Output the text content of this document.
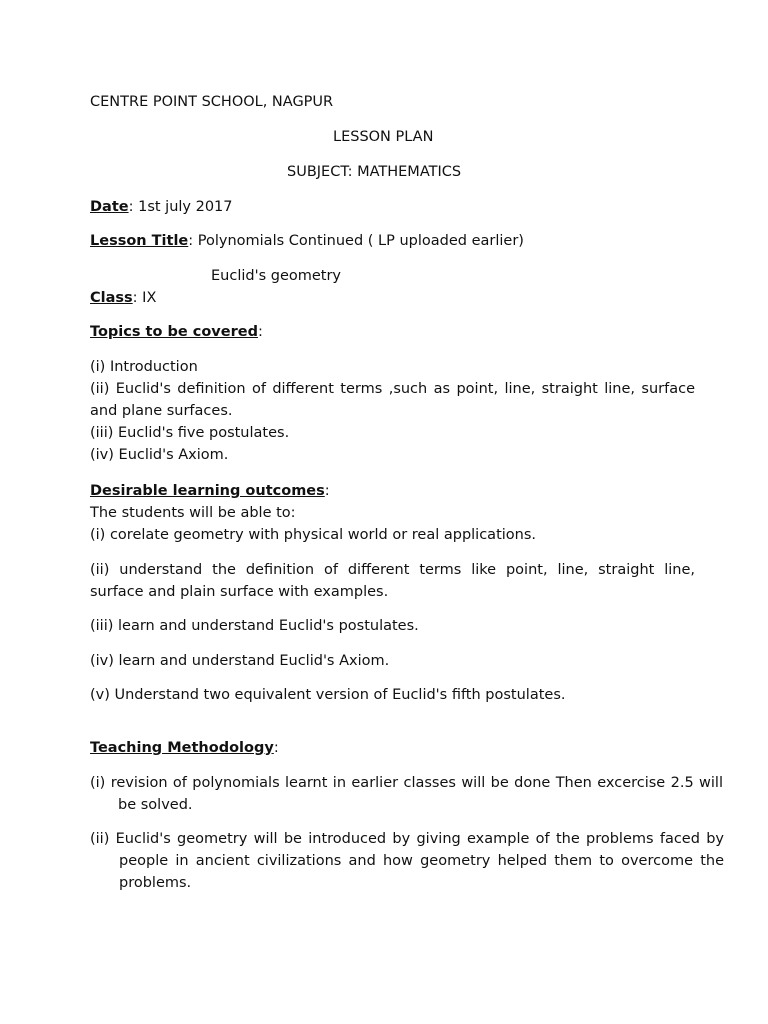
CENTRE POINT SCHOOL, NAGPUR
LESSON PLAN
SUBJECT: MATHEMATICS
Date: 1st july 2017
Lesson Title: Polynomials Continued ( LP uploaded earlier)
Euclid's geometry
Class: IX
Topics to be covered:
(i) Introduction
(ii) Euclid's definition of different terms ,such as point, line, straight line, surface and plane surfaces.
(iii) Euclid's five postulates.
(iv) Euclid's Axiom.
Desirable learning outcomes:
The students will be able to:
(i) corelate geometry with physical world or real applications.
(ii) understand the definition of different terms like point, line, straight line, surface and plain surface with examples.
(iii) learn and understand Euclid's postulates.
(iv) learn and understand Euclid's Axiom.
(v) Understand two equivalent version of Euclid's fifth postulates.
Teaching Methodology:
(i) revision of polynomials learnt in earlier classes will be done Then excercise 2.5 will be solved.
(ii) Euclid's geometry will be introduced by giving example of the problems faced by people in ancient civilizations and how geometry helped them to overcome the problems.
